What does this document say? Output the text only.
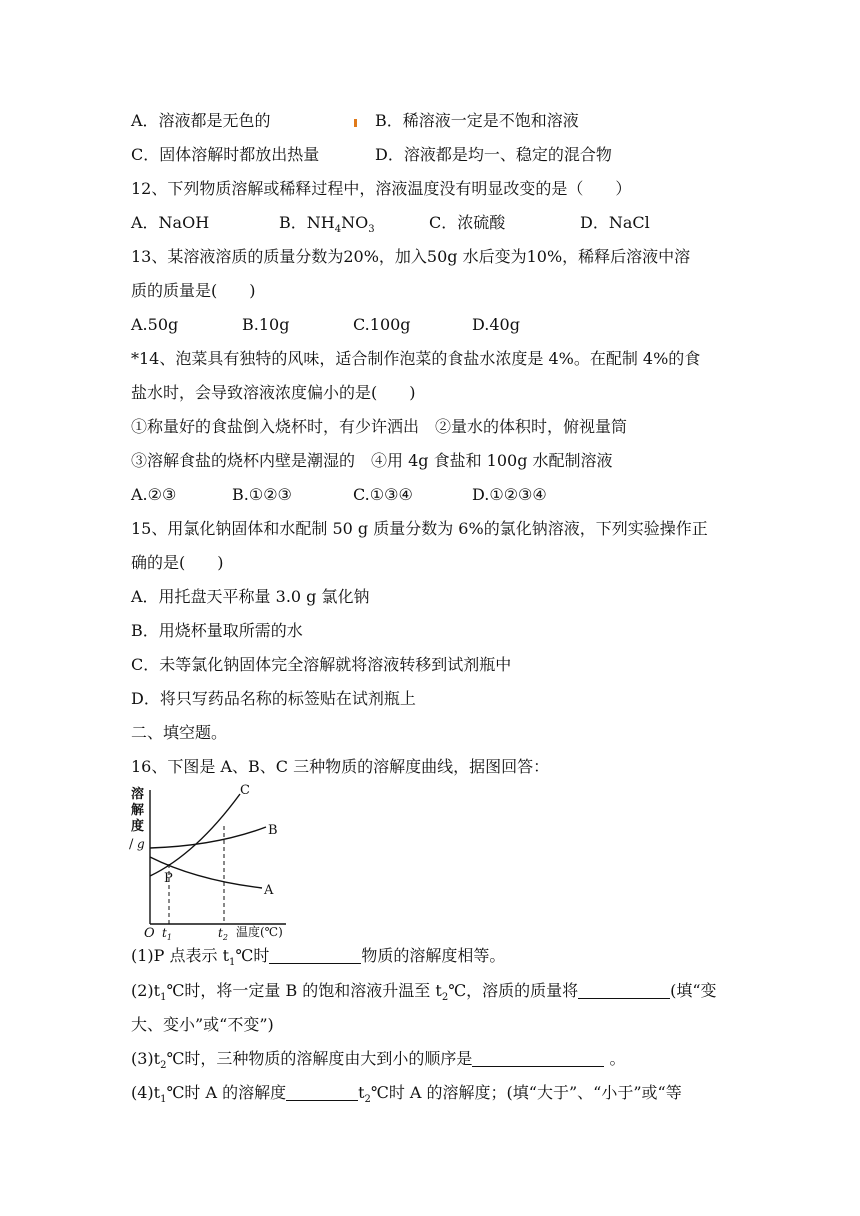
A．溶液都是无色的	B．稀溶液一定是不饱和溶液
C．固体溶解时都放出热量	D．溶液都是均一、稳定的混合物
12、下列物质溶解或稀释过程中，溶液温度没有明显改变的是（　　）
A．NaOH	B．$NH_4NO_3$	C．浓硫酸	D．NaCl
13、某溶液溶质的质量分数为20%，加入50g 水后变为10%，稀释后溶液中溶
质的质量是(　　)
A.50g	B.10g	C.100g	D.40g
*14、泡菜具有独特的风味，适合制作泡菜的食盐水浓度是 4%。在配制 4%的食
盐水时，会导致溶液浓度偏小的是(　　)
①称量好的食盐倒入烧杯时，有少许洒出　②量水的体积时，俯视量筒
③溶解食盐的烧杯内壁是潮湿的　④用 4g 食盐和 100g 水配制溶液
A.②③	B.①②③	C.①③④	D.①②③④
15、用氯化钠固体和水配制 50 g 质量分数为 6%的氯化钠溶液，下列实验操作正
确的是(　　)
A．用托盘天平称量 3.0 g 氯化钠
B．用烧杯量取所需的水
C．未等氯化钠固体完全溶解就将溶液转移到试剂瓶中
D．将只写药品名称的标签贴在试剂瓶上
二、填空题。
16、下图是 A、B、C 三种物质的溶解度曲线，据图回答：
溶
解
度
/ g
O $t_1$	$t_2$ 温度(℃)
A
B
C
P
(1)P 点表示 $t_1℃$时	物质的溶解度相等。
$(2)t_1℃$时，将一定量 B 的饱和溶液升温至 $t_2℃$，溶质的质量将	(填“变
大、变小”或“不变”)
$(3)t_2℃$时，三种物质的溶解度由大到小的顺序是	。
$(4)t_1℃$时 A 的溶解度	$t_2℃$时 A 的溶解度；(填“大于”、“小于”或“等
